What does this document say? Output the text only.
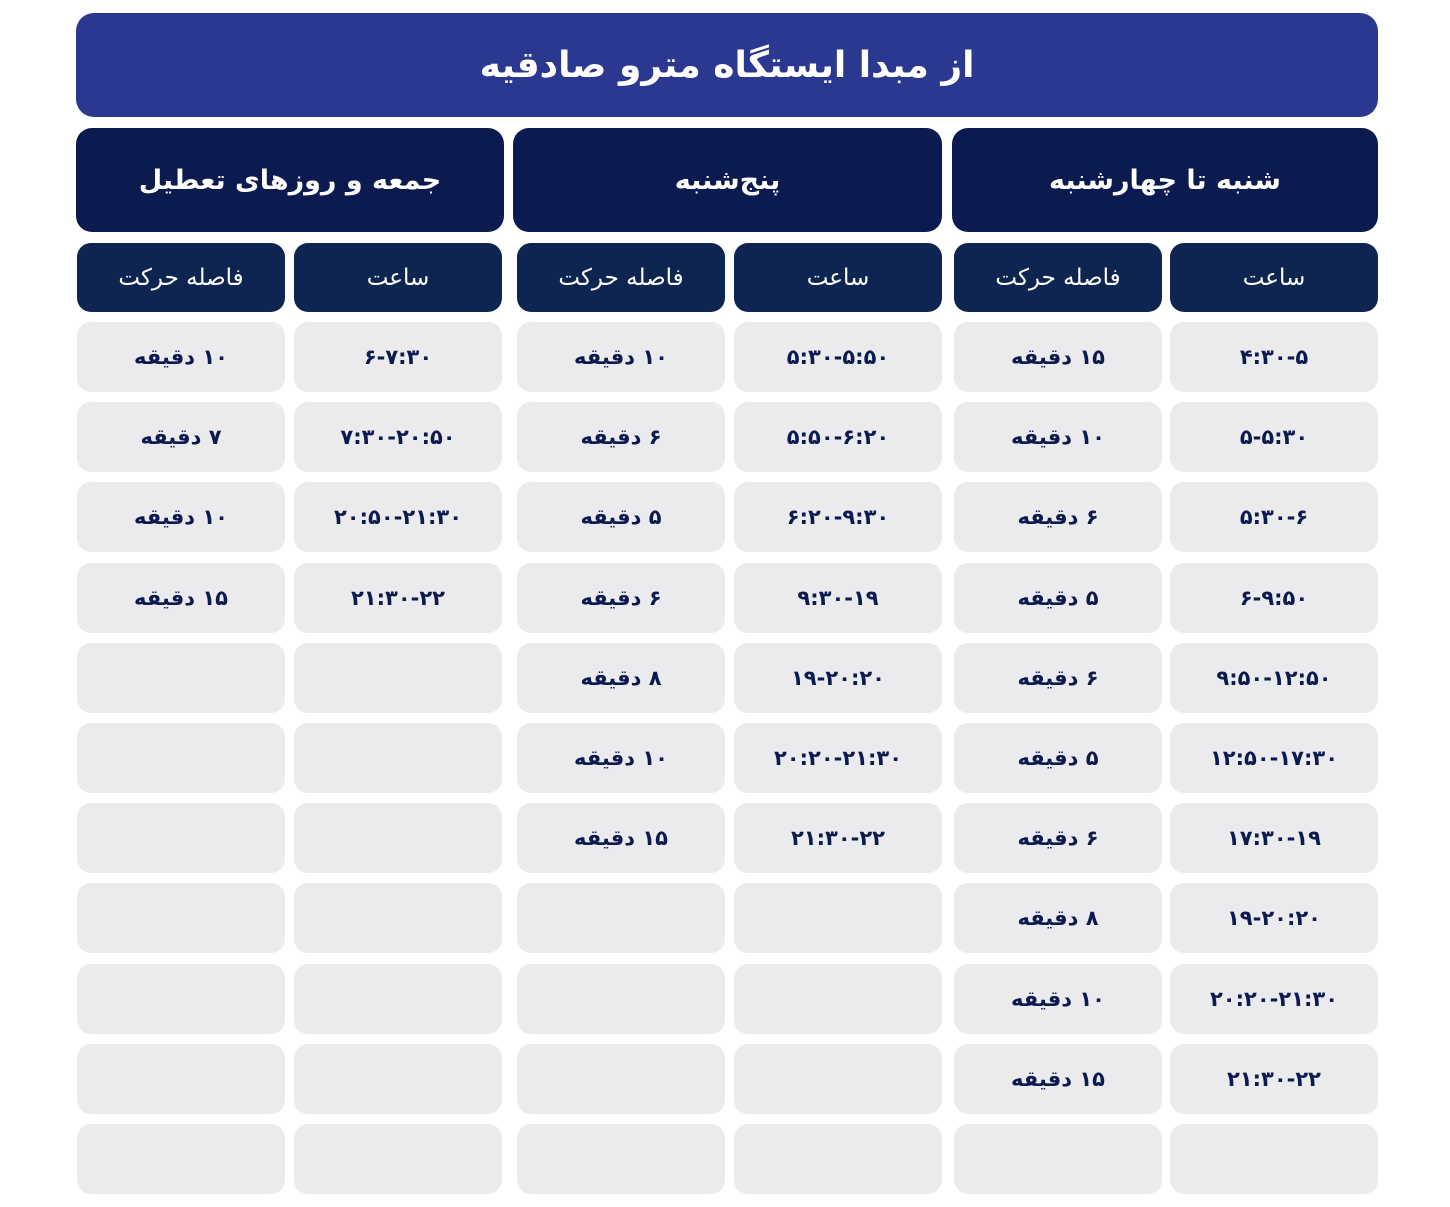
از مبدا ایستگاه مترو صادقیه
شنبه تا چهارشنبه
ساعت
فاصله حرکت
۴:۳۰-۵
۱۵ دقیقه
۵-۵:۳۰
۱۰ دقیقه
۵:۳۰-۶
۶ دقیقه
۶-۹:۵۰
۵ دقیقه
۹:۵۰-۱۲:۵۰
۶ دقیقه
۱۲:۵۰-۱۷:۳۰
۵ دقیقه
۱۷:۳۰-۱۹
۶ دقیقه
۱۹-۲۰:۲۰
۸ دقیقه
۲۰:۲۰-۲۱:۳۰
۱۰ دقیقه
۲۱:۳۰-۲۲
۱۵ دقیقه
پنج‌شنبه
ساعت
فاصله حرکت
۵:۳۰-۵:۵۰
۱۰ دقیقه
۵:۵۰-۶:۲۰
۶ دقیقه
۶:۲۰-۹:۳۰
۵ دقیقه
۹:۳۰-۱۹
۶ دقیقه
۱۹-۲۰:۲۰
۸ دقیقه
۲۰:۲۰-۲۱:۳۰
۱۰ دقیقه
۲۱:۳۰-۲۲
۱۵ دقیقه
جمعه و روزهای تعطیل
ساعت
فاصله حرکت
۶-۷:۳۰
۱۰ دقیقه
۷:۳۰-۲۰:۵۰
۷ دقیقه
۲۰:۵۰-۲۱:۳۰
۱۰ دقیقه
۲۱:۳۰-۲۲
۱۵ دقیقه
